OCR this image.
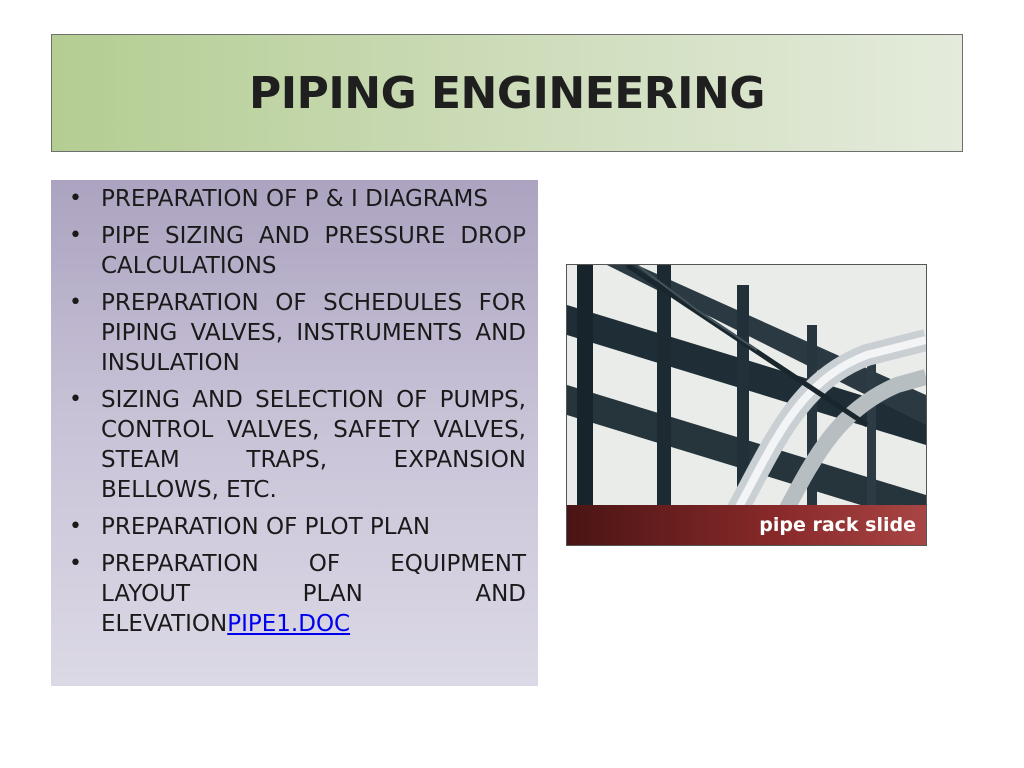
PIPING ENGINEERING
• PREPARATION OF P & I DIAGRAMS
• PIPE SIZING AND PRESSURE DROP CALCULATIONS
• PREPARATION OF SCHEDULES FOR PIPING VALVES, INSTRUMENTS AND INSULATION
• SIZING AND SELECTION OF PUMPS, CONTROL VALVES, SAFETY VALVES, STEAM TRAPS, EXPANSION BELLOWS, ETC.
• PREPARATION OF PLOT PLAN
• PREPARATION OF EQUIPMENT LAYOUT PLAN AND ELEVATIONPIPE1.DOC
pipe rack slide
